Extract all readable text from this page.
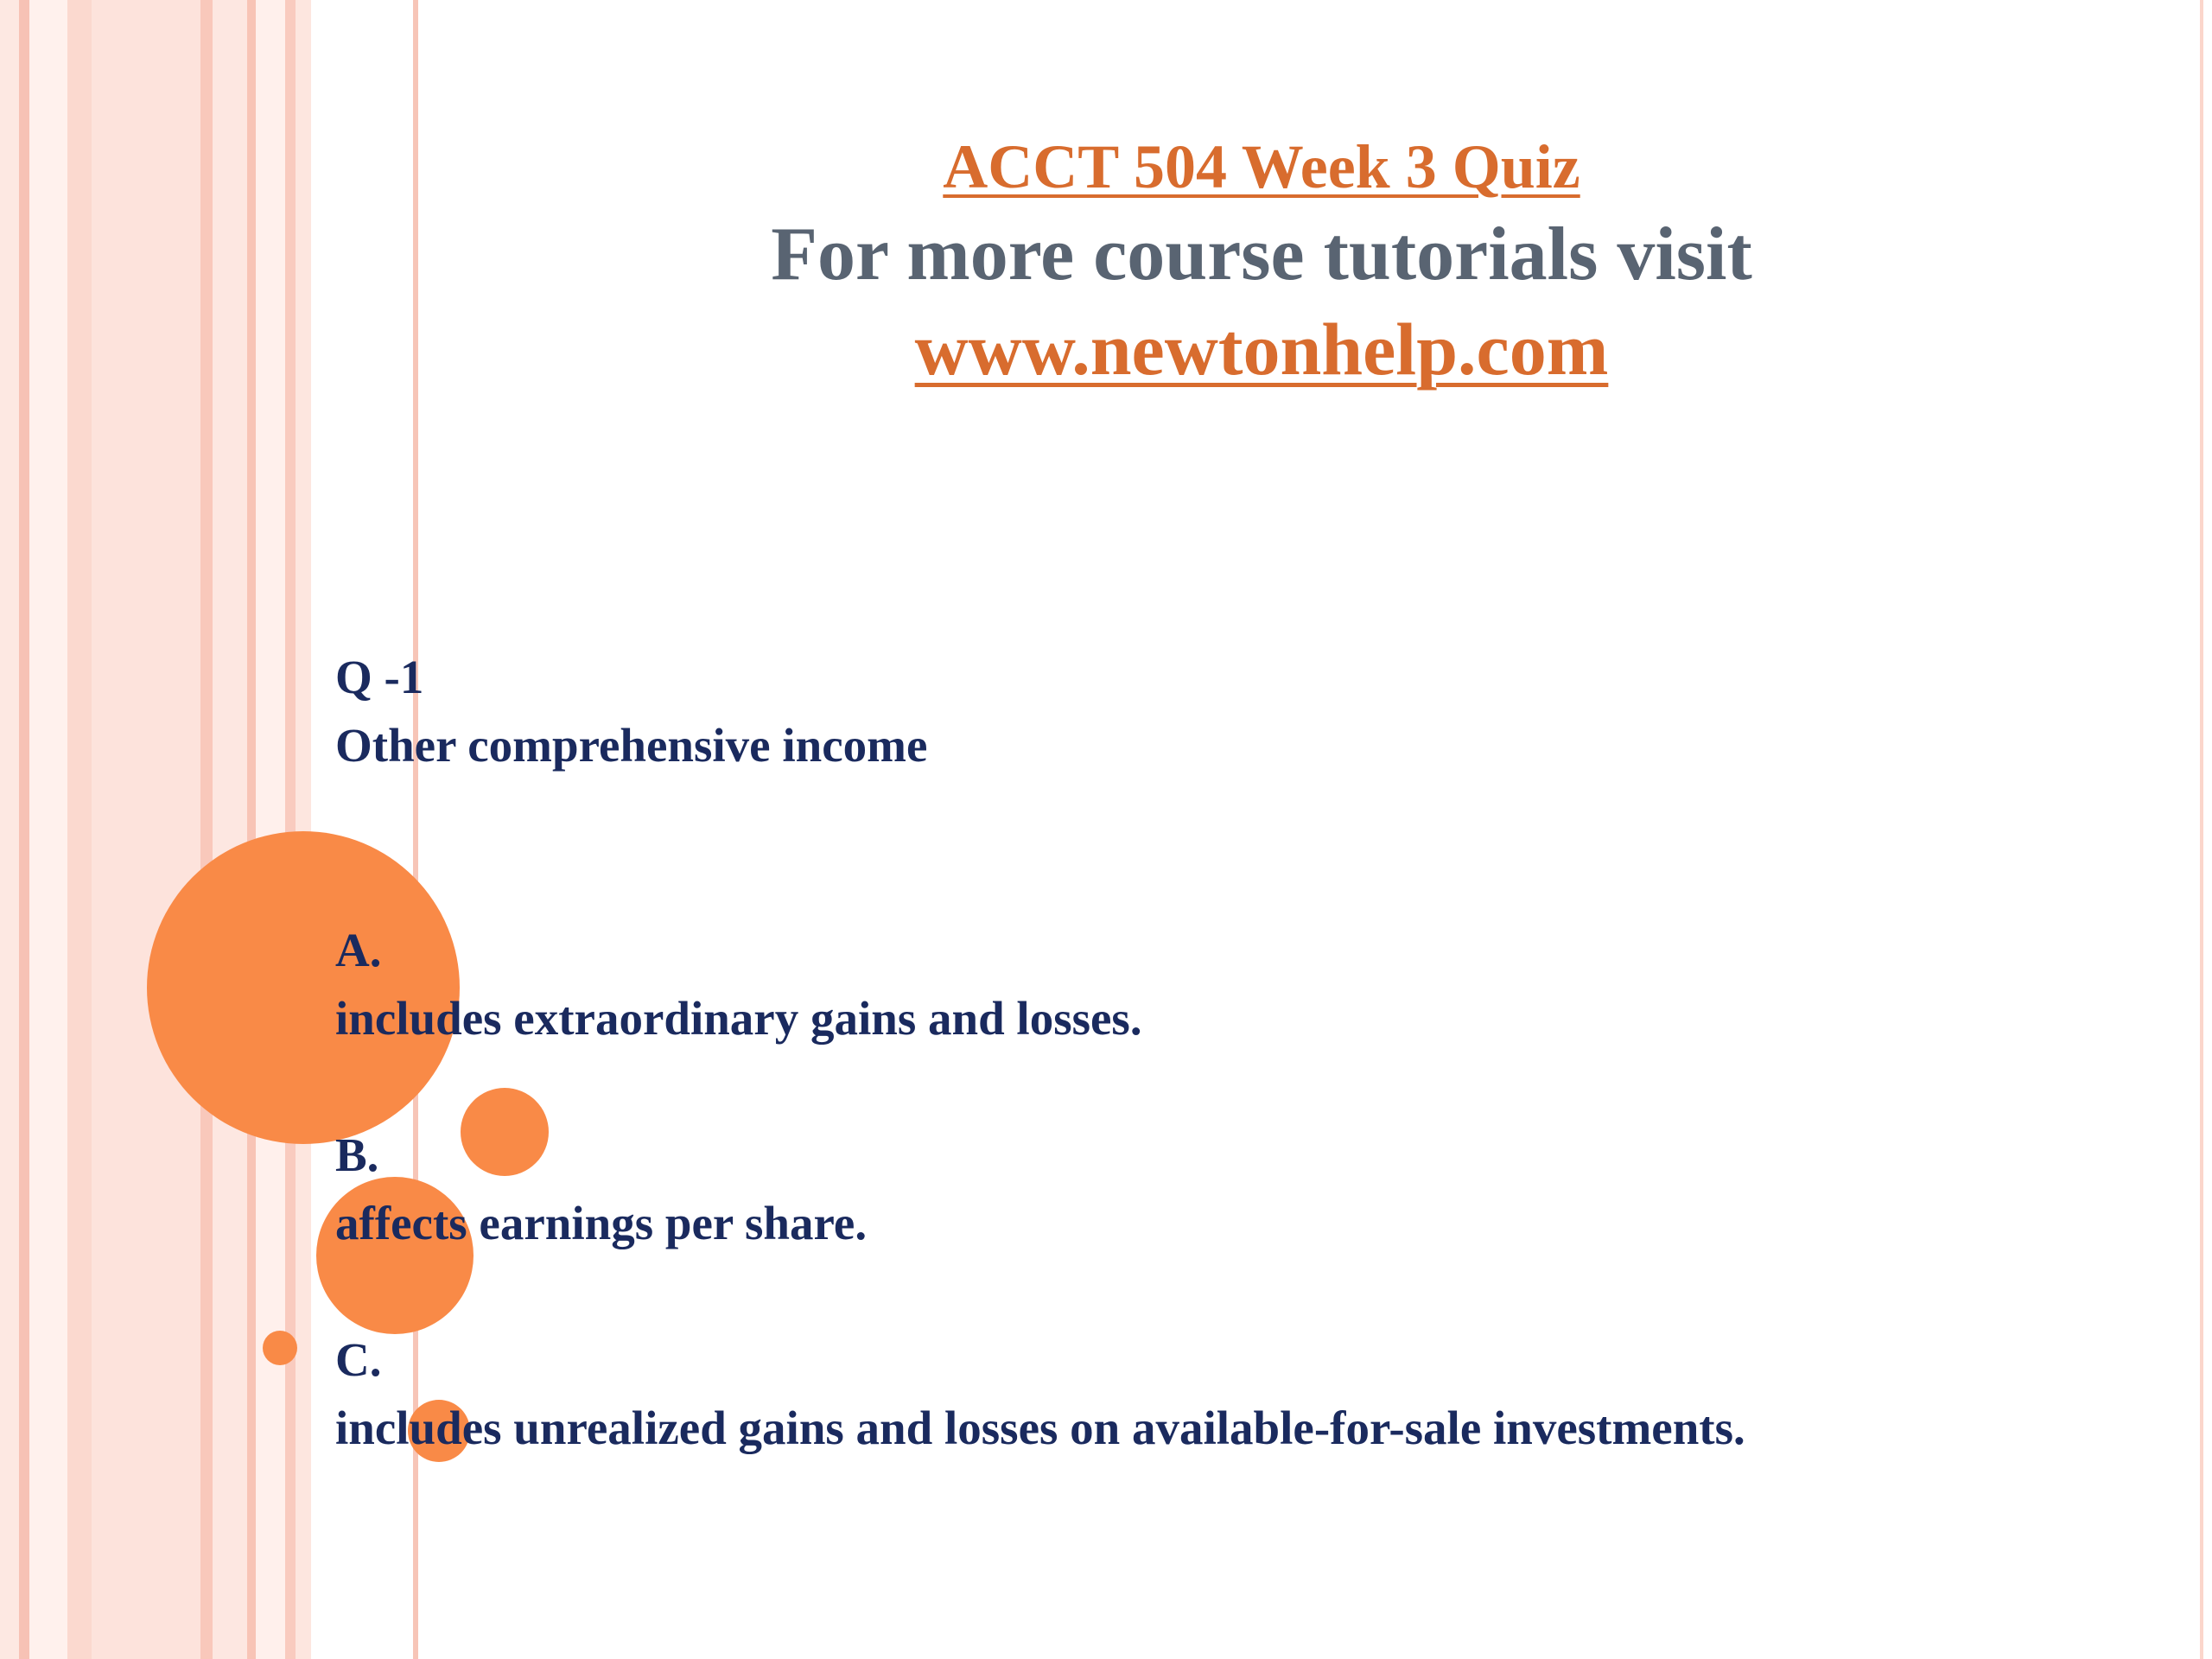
ACCT 504 Week 3 Quiz
For more course tutorials visit
www.newtonhelp.com
Q -1
Other comprehensive income
A.
includes extraordinary gains and losses.
B.
affects earnings per share.
C.
includes unrealized gains and losses on available-for-sale investments.
